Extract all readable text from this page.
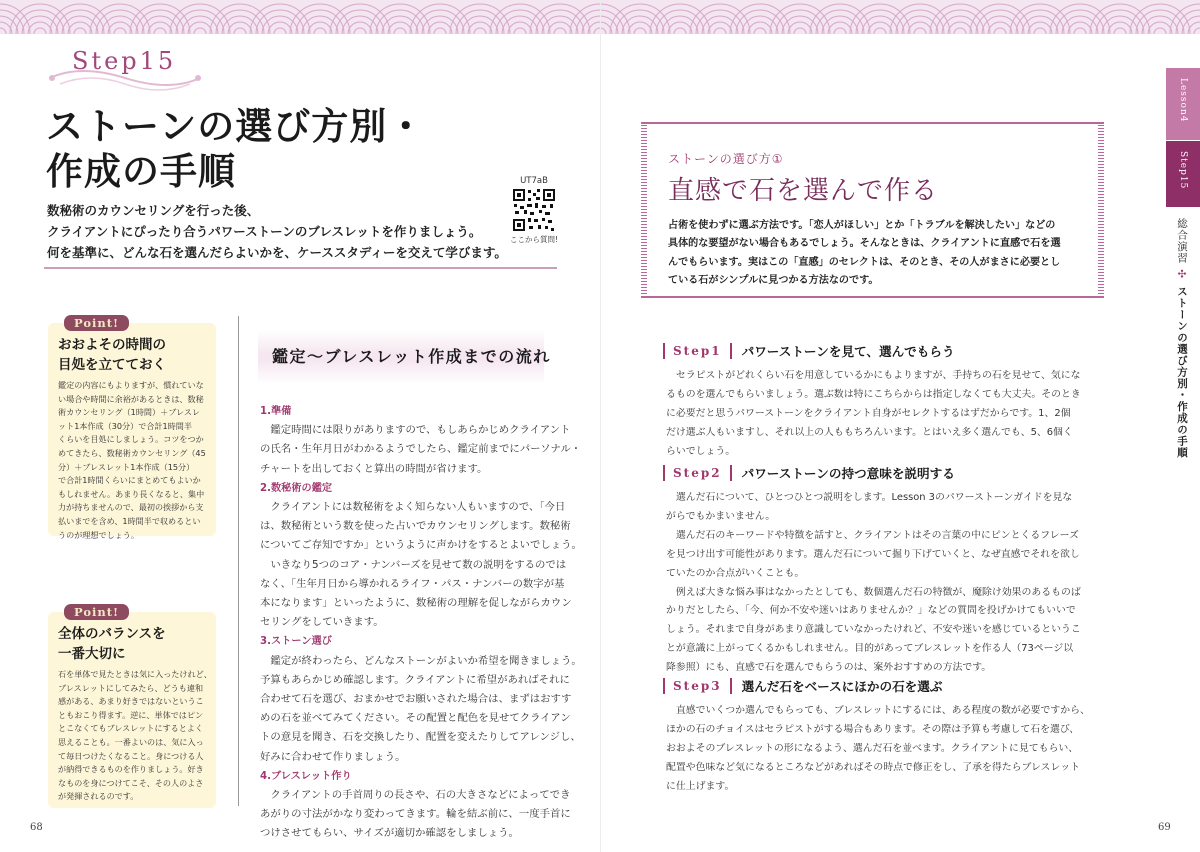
Step15
ストーンの選び方別・
作成の手順
数秘術のカウンセリングを行った後、
クライアントにぴったり合うパワーストーンのブレスレットを作りましょう。
何を基準に、どんな石を選んだらよいかを、ケーススタディーを交えて学びます。
UT7aB
ここから質問!
Point!
おおよその時間の
目処を立てておく
鑑定の内容にもよりますが、慣れていな
い場合や時間に余裕があるときは、数秘
術カウンセリング（1時間）＋ブレスレ
ット1本作成（30分）で合計1時間半
くらいを目処にしましょう。コツをつか
めてきたら、数秘術カウンセリング（45
分）＋ブレスレット1本作成（15分）
で合計1時間くらいにまとめてもよいか
もしれません。あまり長くなると、集中
力が持ちませんので、最初の挨拶から支
払いまでを含め、1時間半で収めるとい
うのが理想でしょう。
Point!
全体のバランスを
一番大切に
石を単体で見たときは気に入ったけれど、
ブレスレットにしてみたら、どうも違和
感がある、あまり好きではないというこ
ともおこり得ます。逆に、単体ではピン
とこなくてもブレスレットにするとよく
思えることも。一番よいのは、気に入っ
て毎日つけたくなること。身につける人
が納得できるものを作りましょう。好き
なものを身につけてこそ、その人のよさ
が発揮されるのです。
鑑定〜ブレスレット作成までの流れ
1.準備
　鑑定時間には限りがありますので、もしあらかじめクライアント
の氏名・生年月日がわかるようでしたら、鑑定前までにパーソナル・
チャートを出しておくと算出の時間が省けます。
2.数秘術の鑑定
　クライアントには数秘術をよく知らない人もいますので、「今日
は、数秘術という数を使った占いでカウンセリングします。数秘術
についてご存知ですか」というように声かけをするとよいでしょう。
　いきなり5つのコア・ナンバーズを見せて数の説明をするのでは
なく、「生年月日から導かれるライフ・パス・ナンバーの数字が基
本になります」といったように、数秘術の理解を促しながらカウン
セリングをしていきます。
3.ストーン選び
　鑑定が終わったら、どんなストーンがよいか希望を聞きましょう。
予算もあらかじめ確認します。クライアントに希望があればそれに
合わせて石を選び、おまかせでお願いされた場合は、まずはおすす
めの石を並べてみてください。その配置と配色を見せてクライアン
トの意見を聞き、石を交換したり、配置を変えたりしてアレンジし、
好みに合わせて作りましょう。
4.ブレスレット作り
　クライアントの手首周りの長さや、石の大きさなどによってでき
あがりの寸法がかなり変わってきます。輪を結ぶ前に、一度手首に
つけさせてもらい、サイズが適切か確認をしましょう。
68	69
ストーンの選び方①
直感で石を選んで作る
占術を使わずに選ぶ方法です。「恋人がほしい」とか「トラブルを解決したい」などの
具体的な要望がない場合もあるでしょう。そんなときは、クライアントに直感で石を選
んでもらいます。実はこの「直感」のセレクトは、そのとき、その人がまさに必要とし
ている石がシンプルに見つかる方法なのです。
Step1 パワーストーンを見て、選んでもらう
　セラピストがどれくらい石を用意しているかにもよりますが、手持ちの石を見せて、気にな
るものを選んでもらいましょう。選ぶ数は特にこちらからは指定しなくても大丈夫。そのとき
に必要だと思うパワーストーンをクライアント自身がセレクトするはずだからです。1、2個
だけ選ぶ人もいますし、それ以上の人ももちろんいます。とはいえ多く選んでも、5、6個く
らいでしょう。
Step2 パワーストーンの持つ意味を説明する
　選んだ石について、ひとつひとつ説明をします。Lesson 3のパワーストーンガイドを見な
がらでもかまいません。
　選んだ石のキーワードや特徴を話すと、クライアントはその言葉の中にピンとくるフレーズ
を見つけ出す可能性があります。選んだ石について掘り下げていくと、なぜ直感でそれを欲し
ていたのか合点がいくことも。
　例えば大きな悩み事はなかったとしても、数個選んだ石の特徴が、魔除け効果のあるものば
かりだとしたら、「今、何か不安や迷いはありませんか？」などの質問を投げかけてもいいで
しょう。それまで自身があまり意識していなかったけれど、不安や迷いを感じているというこ
とが意識に上がってくるかもしれません。目的があってブレスレットを作る人（73ページ以
降参照）にも、直感で石を選んでもらうのは、案外おすすめの方法です。
Step3 選んだ石をベースにほかの石を選ぶ
　直感でいくつか選んでもらっても、ブレスレットにするには、ある程度の数が必要ですから、
ほかの石のチョイスはセラピストがする場合もあります。その際は予算も考慮して石を選び、
おおよそのブレスレットの形になるよう、選んだ石を並べます。クライアントに見てもらい、
配置や色味など気になるところなどがあればその時点で修正をし、了承を得たらブレスレット
に仕上げます。
Lesson4
Step15
総合演習 ✣ ストーンの選び方別・作成の手順
